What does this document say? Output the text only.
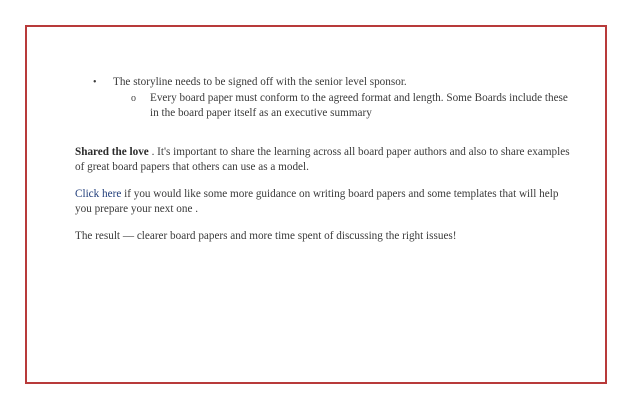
• The storyline needs to be signed off with the senior level sponsor.

o Every board paper must conform to the agreed format and length. Some Boards include these in the board paper itself as an executive summary

Shared the love . It's important to share the learning across all board paper authors and also to share examples of great board papers that others can use as a model.

Click here if you would like some more guidance on writing board papers and some templates that will help you prepare your next one .

The result — clearer board papers and more time spent of discussing the right issues!
